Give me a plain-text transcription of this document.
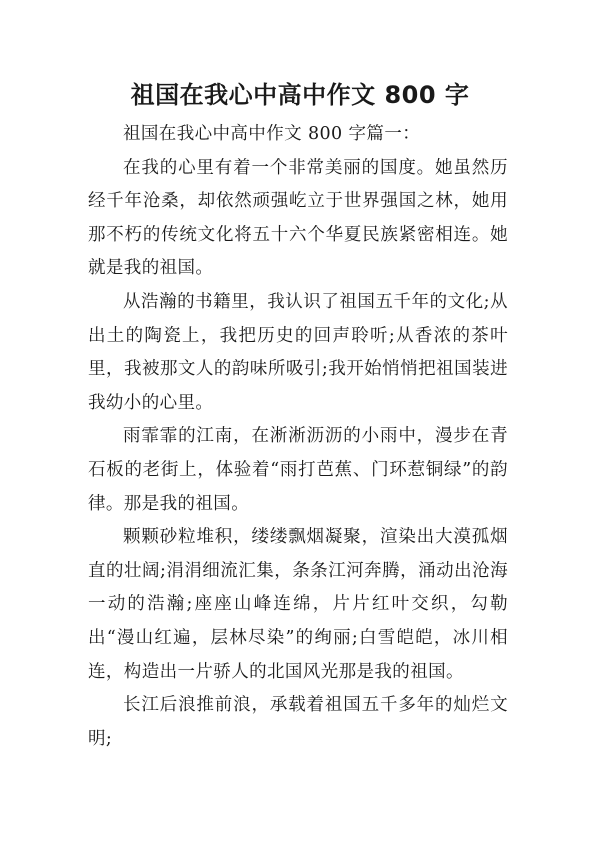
祖国在我心中高中作文 800 字
祖国在我心中高中作文 800 字篇一：

在我的心里有着一个非常美丽的国度。她虽然历经千年沧桑，却依然顽强屹立于世界强国之林，她用那不朽的传统文化将五十六个华夏民族紧密相连。她就是我的祖国。

从浩瀚的书籍里，我认识了祖国五千年的文化;从出土的陶瓷上，我把历史的回声聆听;从香浓的茶叶里，我被那文人的韵味所吸引;我开始悄悄把祖国装进我幼小的心里。

雨霏霏的江南，在淅淅沥沥的小雨中，漫步在青石板的老街上，体验着“雨打芭蕉、门环惹铜绿”的韵律。那是我的祖国。

颗颗砂粒堆积，缕缕飘烟凝聚，渲染出大漠孤烟直的壮阔;涓涓细流汇集，条条江河奔腾，涌动出沧海一动的浩瀚;座座山峰连绵，片片红叶交织，勾勒出“漫山红遍，层林尽染”的绚丽;白雪皑皑，冰川相连，构造出一片骄人的北国风光那是我的祖国。

长江后浪推前浪，承载着祖国五千多年的灿烂文明;
